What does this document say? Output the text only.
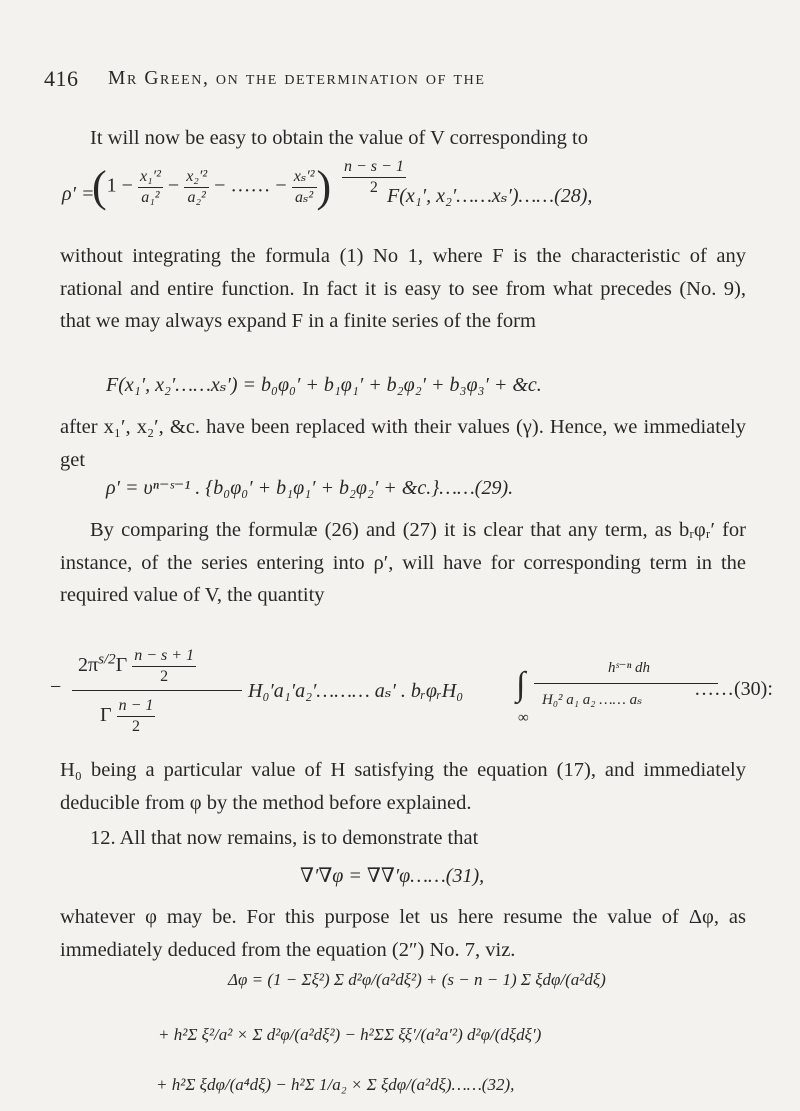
416 Mr Green, on the determination of the
It will now be easy to obtain the value of V corresponding to
ρ′ =
($1 - \frac{\text{x₁′²}}{\text{a₁²}} - \frac{\text{x₂′²}}{\text{a₂²}}$ − …… − $\frac{\text{xₛ′²}}{\text{aₛ²}}$ ) $\frac{n - s - 1}{2}$
F(x₁′, x₂′……xₛ′)……(28),
without integrating the formula (1) No 1, where F is the characteristic of any rational and entire function. In fact it is easy to see from what precedes (No. 9), that we may always expand F in a finite series of the form
F(x₁′, x₂′……xₛ′) = b₀φ₀′ + b₁φ₁′ + b₂φ₂′ + b₃φ₃′ + &c.
after x₁′, x₂′, &c. have been replaced with their values (γ). Hence, we immediately get
ρ′ = υⁿ⁻ˢ⁻¹ . {b₀φ₀′ + b₁φ₁′ + b₂φ₂′ + &c.}……(29).
By comparing the formulæ (26) and (27) it is clear that any term, as bᵣφᵣ′ for instance, of the series entering into ρ′, will have for corresponding term in the required value of V, the quantity
−
$2\pi^{s/2}\Gamma \frac{n - s + 1}{2}$
Γ $\frac{n - 1}{2}$
H₀′a₁′a₂′……… aₛ′ . bᵣφᵣH₀ ∫
∞
hˢ⁻ⁿ dh
H₀² a₁ a₂ …… aₛ	……(30):
H₀ being a particular value of H satisfying the equation (17), and immediately deducible from φ by the method before explained.
12. All that now remains, is to demonstrate that
∇′∇φ = ∇∇′φ……(31),
whatever φ may be. For this purpose let us here resume the value of Δφ, as immediately deduced from the equation (2″) No. 7, viz.
Δφ = (1 − Σξ²) Σ d²φ/(a²dξ²) + (s − n − 1) Σ ξdφ/(a²dξ)
+ h²Σ ξ²/a² × Σ d²φ/(a²dξ²) − h²ΣΣ ξξ′/(a²a′²) d²φ/(dξdξ′)
+ h²Σ ξdφ/(a⁴dξ) − h²Σ 1/a₂ × Σ ξdφ/(a²dξ)……(32),
